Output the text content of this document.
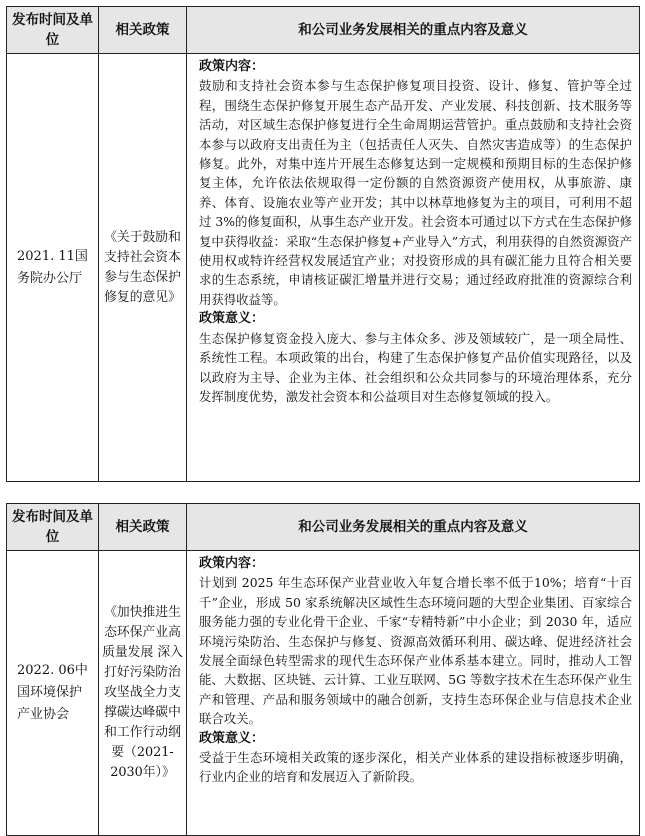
发布时间及单位	相关政策	和公司业务发展相关的重点内容及意义
2021. 11国务院办公厅	《关于鼓励和支持社会资本参与生态保护修复的意见》	政策内容：

鼓励和支持社会资本参与生态保护修复项目投资、设计、修复、管护等全过程，围绕生态保护修复开展生态产品开发、产业发展、科技创新、技术服务等活动，对区域生态保护修复进行全生命周期运营管护。重点鼓励和支持社会资本参与以政府支出责任为主（包括责任人灭失、自然灾害造成等）的生态保护修复。此外，对集中连片开展生态修复达到一定规模和预期目标的生态保护修复主体，允许依法依规取得一定份额的自然资源资产使用权，从事旅游、康养、体育、设施农业等产业开发；其中以林草地修复为主的项目，可利用不超过 3%的修复面积，从事生态产业开发。社会资本可通过以下方式在生态保护修复中获得收益：采取“生态保护修复+产业导入”方式，利用获得的自然资源资产使用权或特许经营权发展适宜产业；对投资形成的具有碳汇能力且符合相关要求的生态系统，申请核证碳汇增量并进行交易；通过经政府批准的资源综合利用获得收益等。

政策意义：

生态保护修复资金投入庞大、参与主体众多、涉及领域较广，是一项全局性、系统性工程。本项政策的出台，构建了生态保护修复产品价值实现路径，以及以政府为主导、企业为主体、社会组织和公众共同参与的环境治理体系，充分发挥制度优势，激发社会资本和公益项目对生态修复领域的投入。

发布时间及单位	相关政策	和公司业务发展相关的重点内容及意义
2022. 06中国环境保护产业协会	《加快推进生态环保产业高质量发展 深入打好污染防治攻坚战全力支撑碳达峰碳中和工作行动纲要（2021-2030年）》	政策内容：

计划到 2025 年生态环保产业营业收入年复合增长率不低于10%；培育“十百千”企业，形成 50 家系统解决区域性生态环境问题的大型企业集团、百家综合服务能力强的专业化骨干企业、千家“专精特新”中小企业；到 2030 年，适应环境污染防治、生态保护与修复、资源高效循环利用、碳达峰、促进经济社会发展全面绿色转型需求的现代生态环保产业体系基本建立。同时，推动人工智能、大数据、区块链、云计算、工业互联网、5G 等数字技术在生态环保产业生产和管理、产品和服务领域中的融合创新，支持生态环保企业与信息技术企业联合攻关。

政策意义：

受益于生态环境相关政策的逐步深化，相关产业体系的建设指标被逐步明确，行业内企业的培育和发展迈入了新阶段。
